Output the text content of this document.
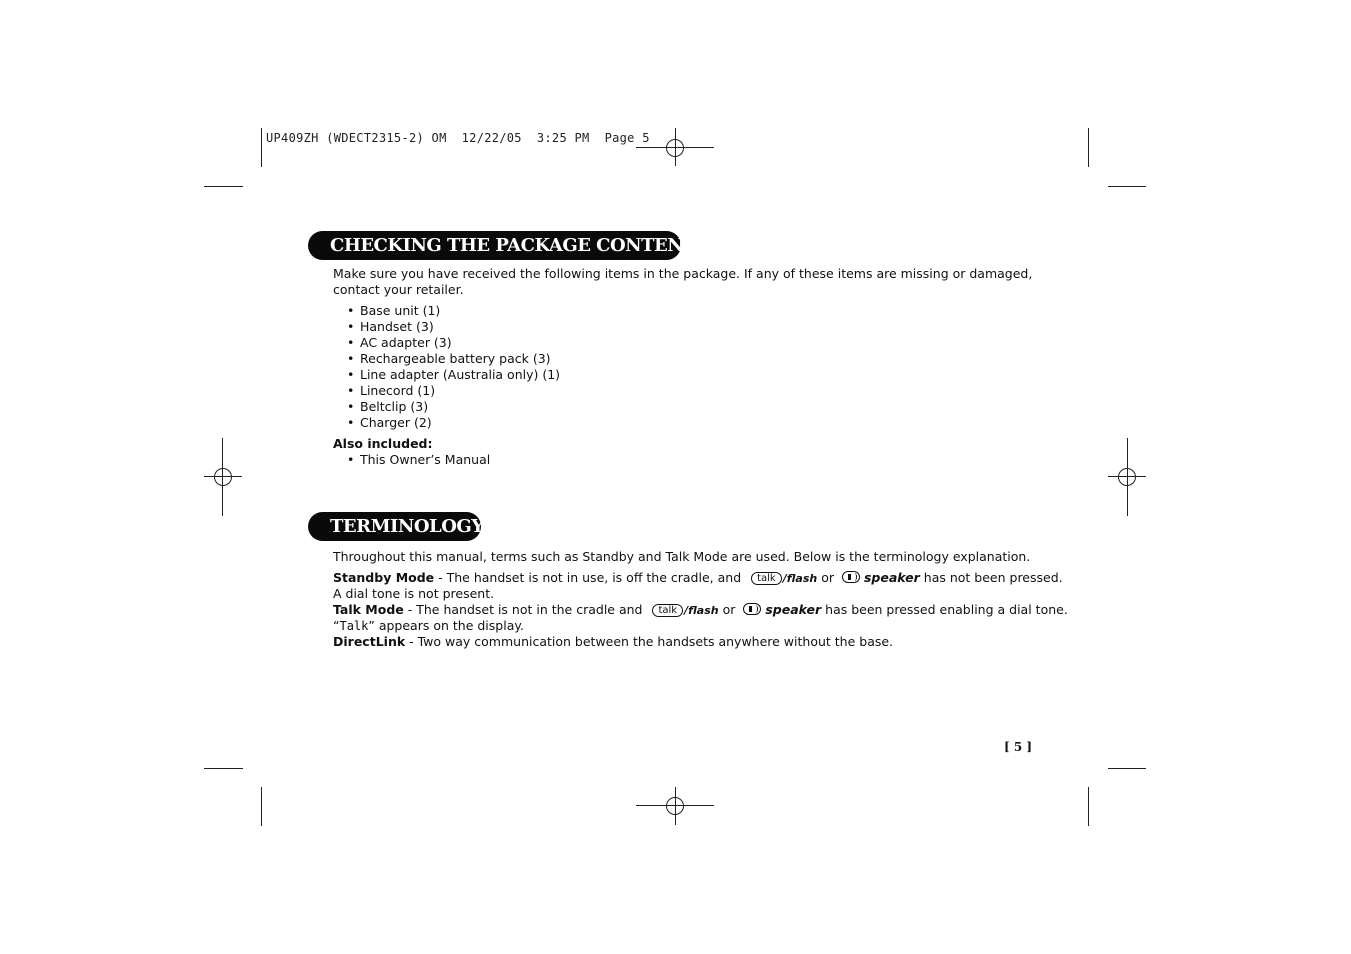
UP409ZH (WDECT2315-2) OM  12/22/05  3:25 PM  Page 5
CHECKING THE PACKAGE CONTENTS
Make sure you have received the following items in the package. If any of these items are missing or damaged,
contact your retailer.
• Base unit (1)
• Handset (3)
• AC adapter (3)
• Rechargeable battery pack (3)
• Line adapter (Australia only) (1)
• Linecord (1)
• Beltclip (3)
• Charger (2)
Also included:
• This Owner’s Manual
TERMINOLOGY
Throughout this manual, terms such as Standby and Talk Mode are used. Below is the terminology explanation.
Standby Mode - The handset is not in use, is off the cradle, and talk /flash or speaker has not been pressed.
A dial tone is not present.
Talk Mode - The handset is not in the cradle and talk /flash or speaker has been pressed enabling a dial tone.
“Talk” appears on the display.
DirectLink - Two way communication between the handsets anywhere without the base.
[ 5 ]
